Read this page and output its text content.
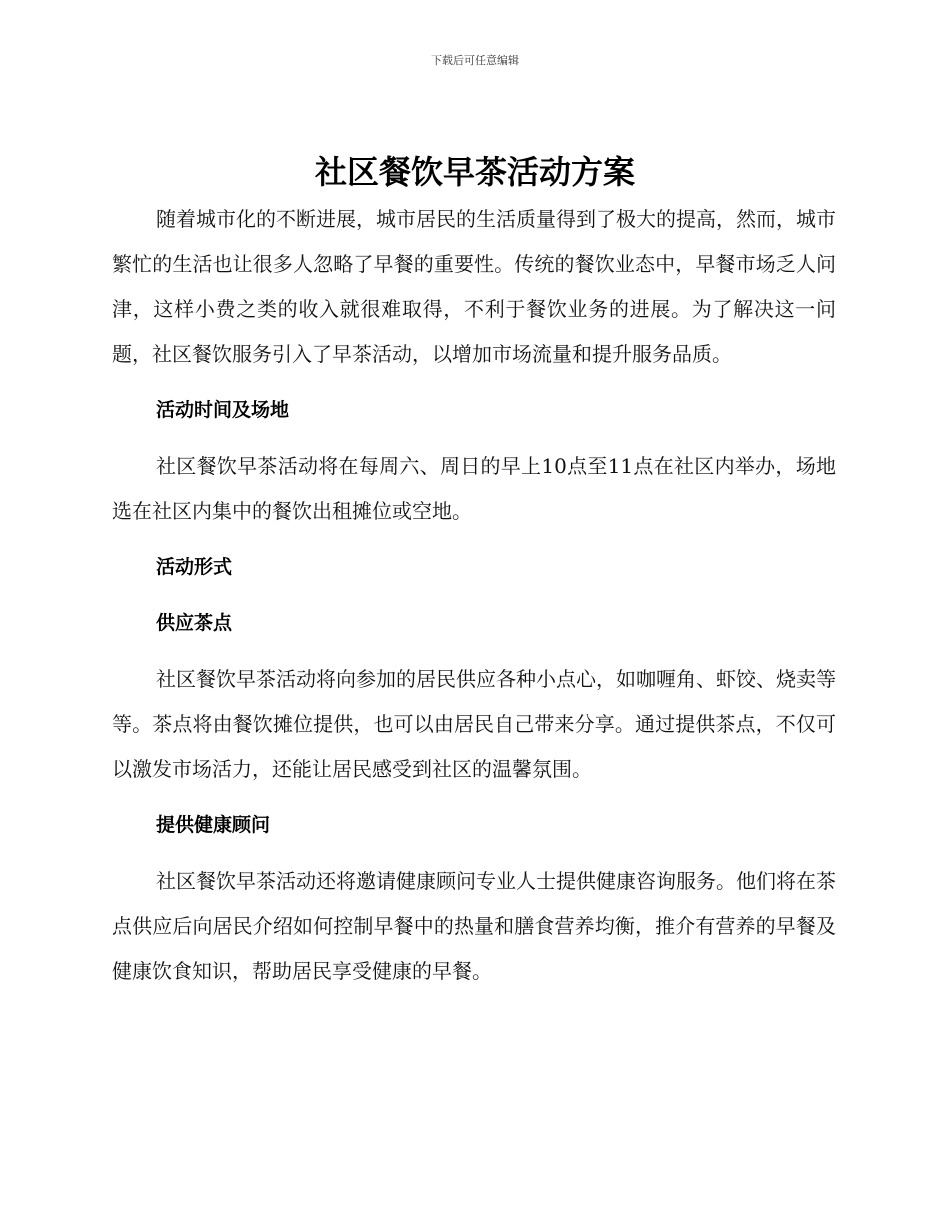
下载后可任意编辑
社区餐饮早茶活动方案

随着城市化的不断进展，城市居民的生活质量得到了极大的提高，然而，城市繁忙的生活也让很多人忽略了早餐的重要性。传统的餐饮业态中，早餐市场乏人问津，这样小费之类的收入就很难取得，不利于餐饮业务的进展。为了解决这一问题，社区餐饮服务引入了早茶活动，以增加市场流量和提升服务品质。

活动时间及场地

社区餐饮早茶活动将在每周六、周日的早上10点至11点在社区内举办，场地选在社区内集中的餐饮出租摊位或空地。

活动形式
供应茶点

社区餐饮早茶活动将向参加的居民供应各种小点心，如咖喱角、虾饺、烧卖等等。茶点将由餐饮摊位提供，也可以由居民自己带来分享。通过提供茶点，不仅可以激发市场活力，还能让居民感受到社区的温馨氛围。

提供健康顾问

社区餐饮早茶活动还将邀请健康顾问专业人士提供健康咨询服务。他们将在茶点供应后向居民介绍如何控制早餐中的热量和膳食营养均衡，推介有营养的早餐及健康饮食知识，帮助居民享受健康的早餐。
